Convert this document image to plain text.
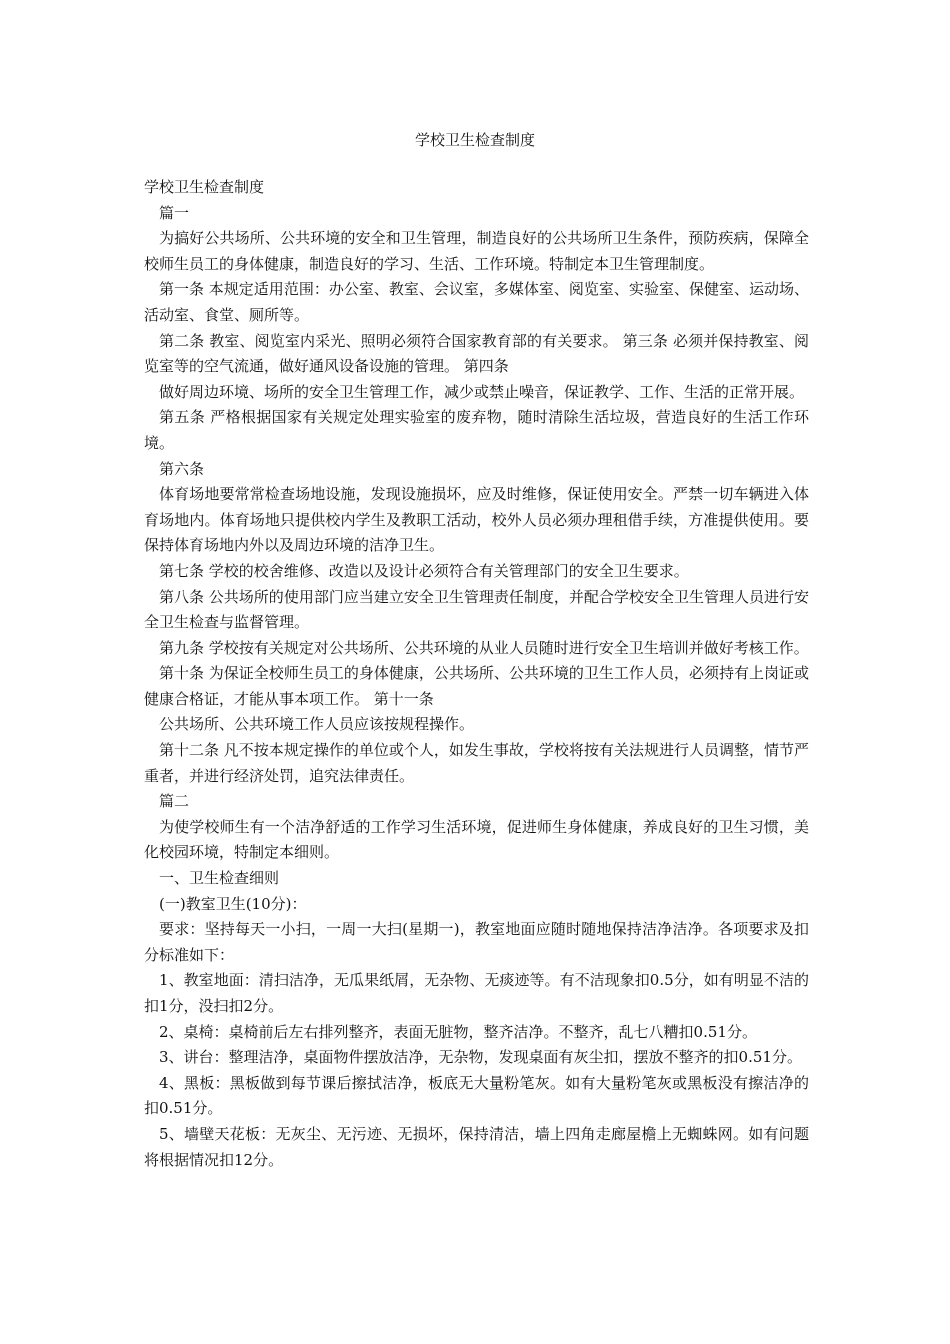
学校卫生检查制度

学校卫生检查制度

篇一

为搞好公共场所、公共环境的安全和卫生管理，制造良好的公共场所卫生条件，预防疾病，保障全校师生员工的身体健康，制造良好的学习、生活、工作环境。特制定本卫生管理制度。

第一条 本规定适用范围：办公室、教室、会议室，多媒体室、阅览室、实验室、保健室、运动场、活动室、食堂、厕所等。

第二条 教室、阅览室内采光、照明必须符合国家教育部的有关要求。 第三条 必须并保持教室、阅览室等的空气流通，做好通风设备设施的管理。 第四条

做好周边环境、场所的安全卫生管理工作，减少或禁止噪音，保证教学、工作、生活的正常开展。

第五条 严格根据国家有关规定处理实验室的废弃物，随时清除生活垃圾，营造良好的生活工作环境。

第六条

体育场地要常常检查场地设施，发现设施损坏，应及时维修，保证使用安全。严禁一切车辆进入体育场地内。体育场地只提供校内学生及教职工活动，校外人员必须办理租借手续，方准提供使用。要保持体育场地内外以及周边环境的洁净卫生。

第七条 学校的校舍维修、改造以及设计必须符合有关管理部门的安全卫生要求。

第八条 公共场所的使用部门应当建立安全卫生管理责任制度，并配合学校安全卫生管理人员进行安全卫生检查与监督管理。

第九条 学校按有关规定对公共场所、公共环境的从业人员随时进行安全卫生培训并做好考核工作。

第十条 为保证全校师生员工的身体健康，公共场所、公共环境的卫生工作人员，必须持有上岗证或健康合格证，才能从事本项工作。 第十一条

公共场所、公共环境工作人员应该按规程操作。

第十二条 凡不按本规定操作的单位或个人，如发生事故，学校将按有关法规进行人员调整，情节严重者，并进行经济处罚，追究法律责任。

篇二

为使学校师生有一个洁净舒适的工作学习生活环境，促进师生身体健康，养成良好的卫生习惯，美化校园环境，特制定本细则。

一、卫生检查细则

(一)教室卫生(10分)：

要求：坚持每天一小扫，一周一大扫(星期一)，教室地面应随时随地保持洁净洁净。各项要求及扣分标准如下：

1、教室地面：清扫洁净，无瓜果纸屑，无杂物、无痰迹等。有不洁现象扣0.5分，如有明显不洁的扣1分，没扫扣2分。

2、桌椅：桌椅前后左右排列整齐，表面无脏物，整齐洁净。不整齐，乱七八糟扣0.51分。

3、讲台：整理洁净，桌面物件摆放洁净，无杂物，发现桌面有灰尘扣，摆放不整齐的扣0.51分。

4、黑板：黑板做到每节课后擦拭洁净，板底无大量粉笔灰。如有大量粉笔灰或黑板没有擦洁净的扣0.51分。

5、墙壁天花板：无灰尘、无污迹、无损坏，保持清洁，墙上四角走廊屋檐上无蜘蛛网。如有问题将根据情况扣12分。
